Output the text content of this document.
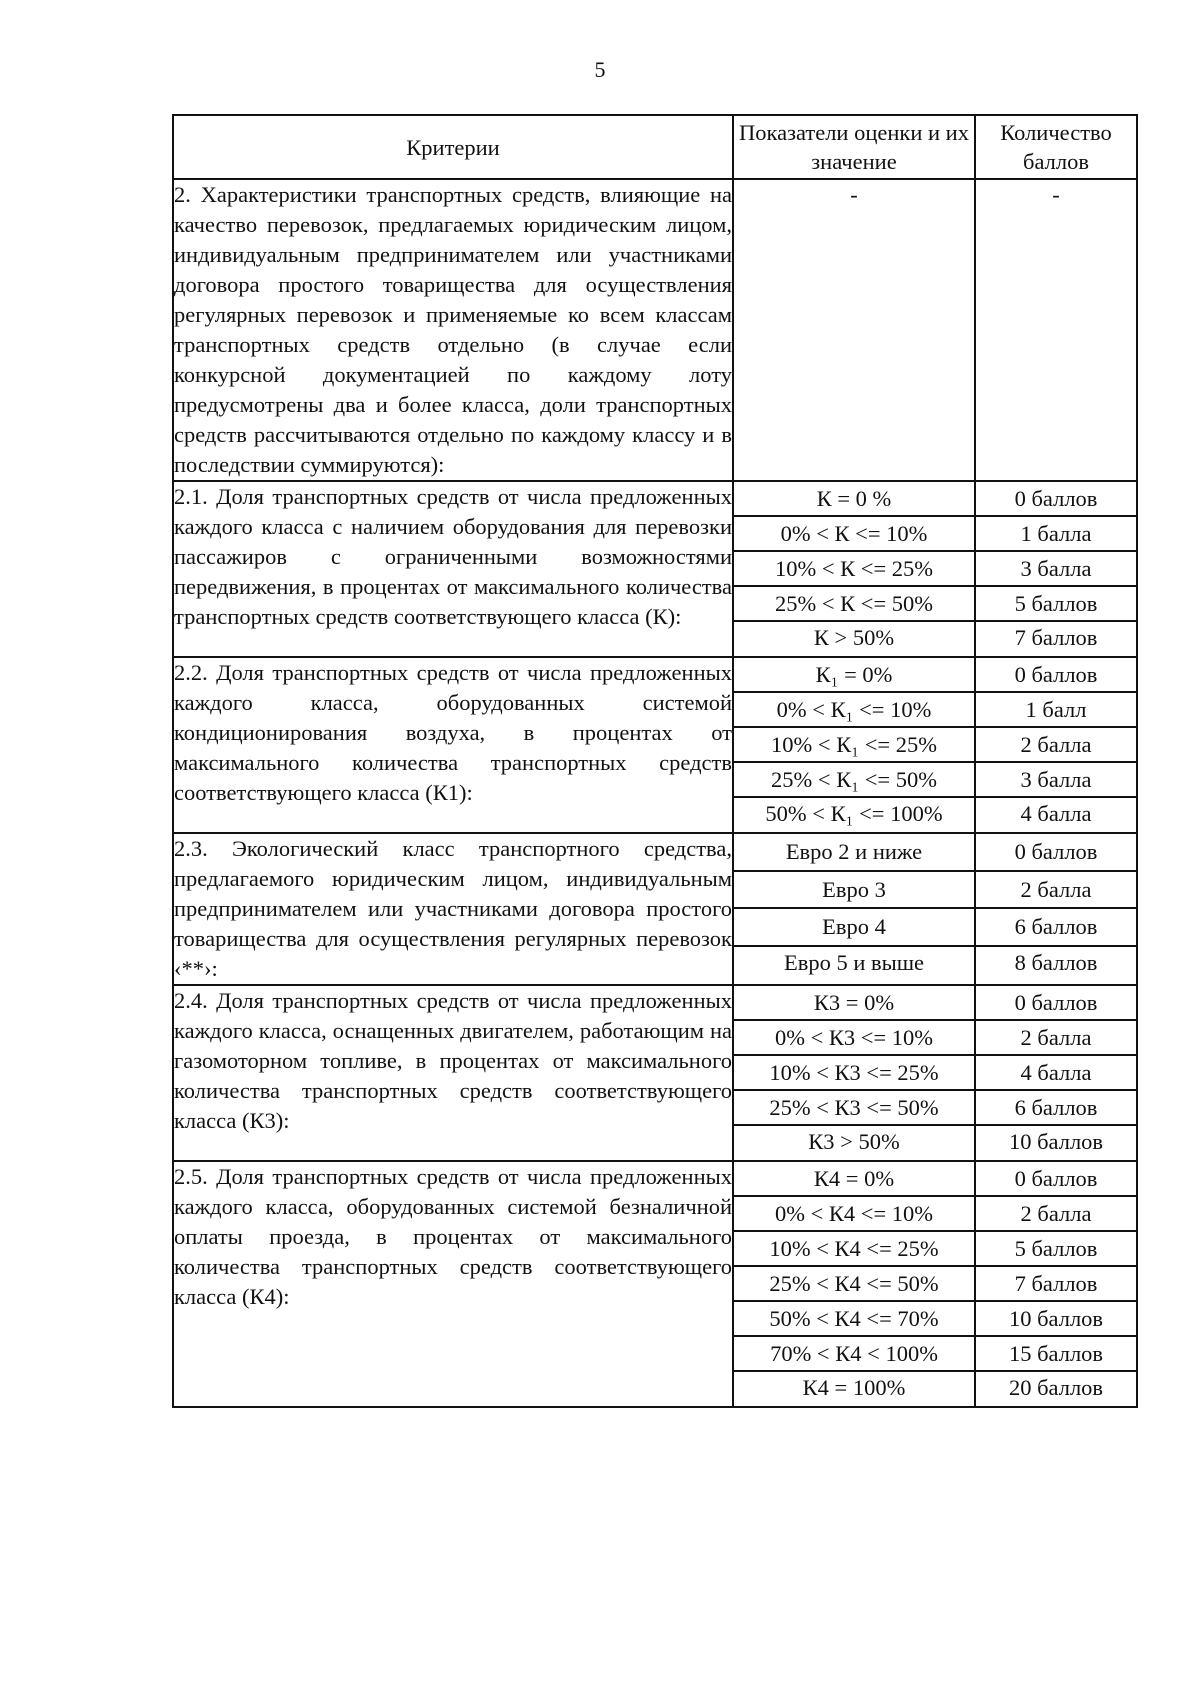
5
Критерии	Показатели оценки и их значение	Количество баллов
2. Характеристики транспортных средств, влияющие на качество перевозок, предлагаемых юридическим лицом, индивидуальным предпринимателем или участниками договора простого товарищества для осуществления регулярных перевозок и применяемые ко всем классам транспортных средств отдельно (в случае если конкурсной документацией по каждому лоту предусмотрены два и более класса, доли транспортных средств рассчитываются отдельно по каждому классу и в последствии суммируются):	-	-
2.1. Доля транспортных средств от числа предложенных каждого класса с наличием оборудования для перевозки пассажиров с ограниченными возможностями передвижения, в процентах от максимального количества транспортных средств соответствующего класса (К):	К = 0 %	0 баллов
	0% < К <= 10%	1 балла
	10% < К <= 25%	3 балла
	25% < К <= 50%	5 баллов
	К > 50%	7 баллов
2.2. Доля транспортных средств от числа предложенных каждого класса, оборудованных системой кондиционирования воздуха, в процентах от максимального количества транспортных средств соответствующего класса (К1):	К₁ = 0%	0 баллов
	0% < К₁ <= 10%	1 балл
	10% < К₁ <= 25%	2 балла
	25% < К₁ <= 50%	3 балла
	50% < К₁ <= 100%	4 балла
2.3. Экологический класс транспортного средства, предлагаемого юридическим лицом, индивидуальным предпринимателем или участниками договора простого товарищества для осуществления регулярных перевозок ‹**›:	Евро 2 и ниже	0 баллов
	Евро 3	2 балла
	Евро 4	6 баллов
	Евро 5 и выше	8 баллов
2.4. Доля транспортных средств от числа предложенных каждого класса, оснащенных двигателем, работающим на газомоторном топливе, в процентах от максимального количества транспортных средств соответствующего класса (К3):	К3 = 0%	0 баллов
	0% < К3 <= 10%	2 балла
	10% < К3 <= 25%	4 балла
	25% < К3 <= 50%	6 баллов
	К3 > 50%	10 баллов
2.5. Доля транспортных средств от числа предложенных каждого класса, оборудованных системой безналичной оплаты проезда, в процентах от максимального количества транспортных средств соответствующего класса (К4):	К4 = 0%	0 баллов
	0% < К4 <= 10%	2 балла
	10% < К4 <= 25%	5 баллов
	25% < К4 <= 50%	7 баллов
	50% < К4 <= 70%	10 баллов
	70% < К4 < 100%	15 баллов
	К4 = 100%	20 баллов
